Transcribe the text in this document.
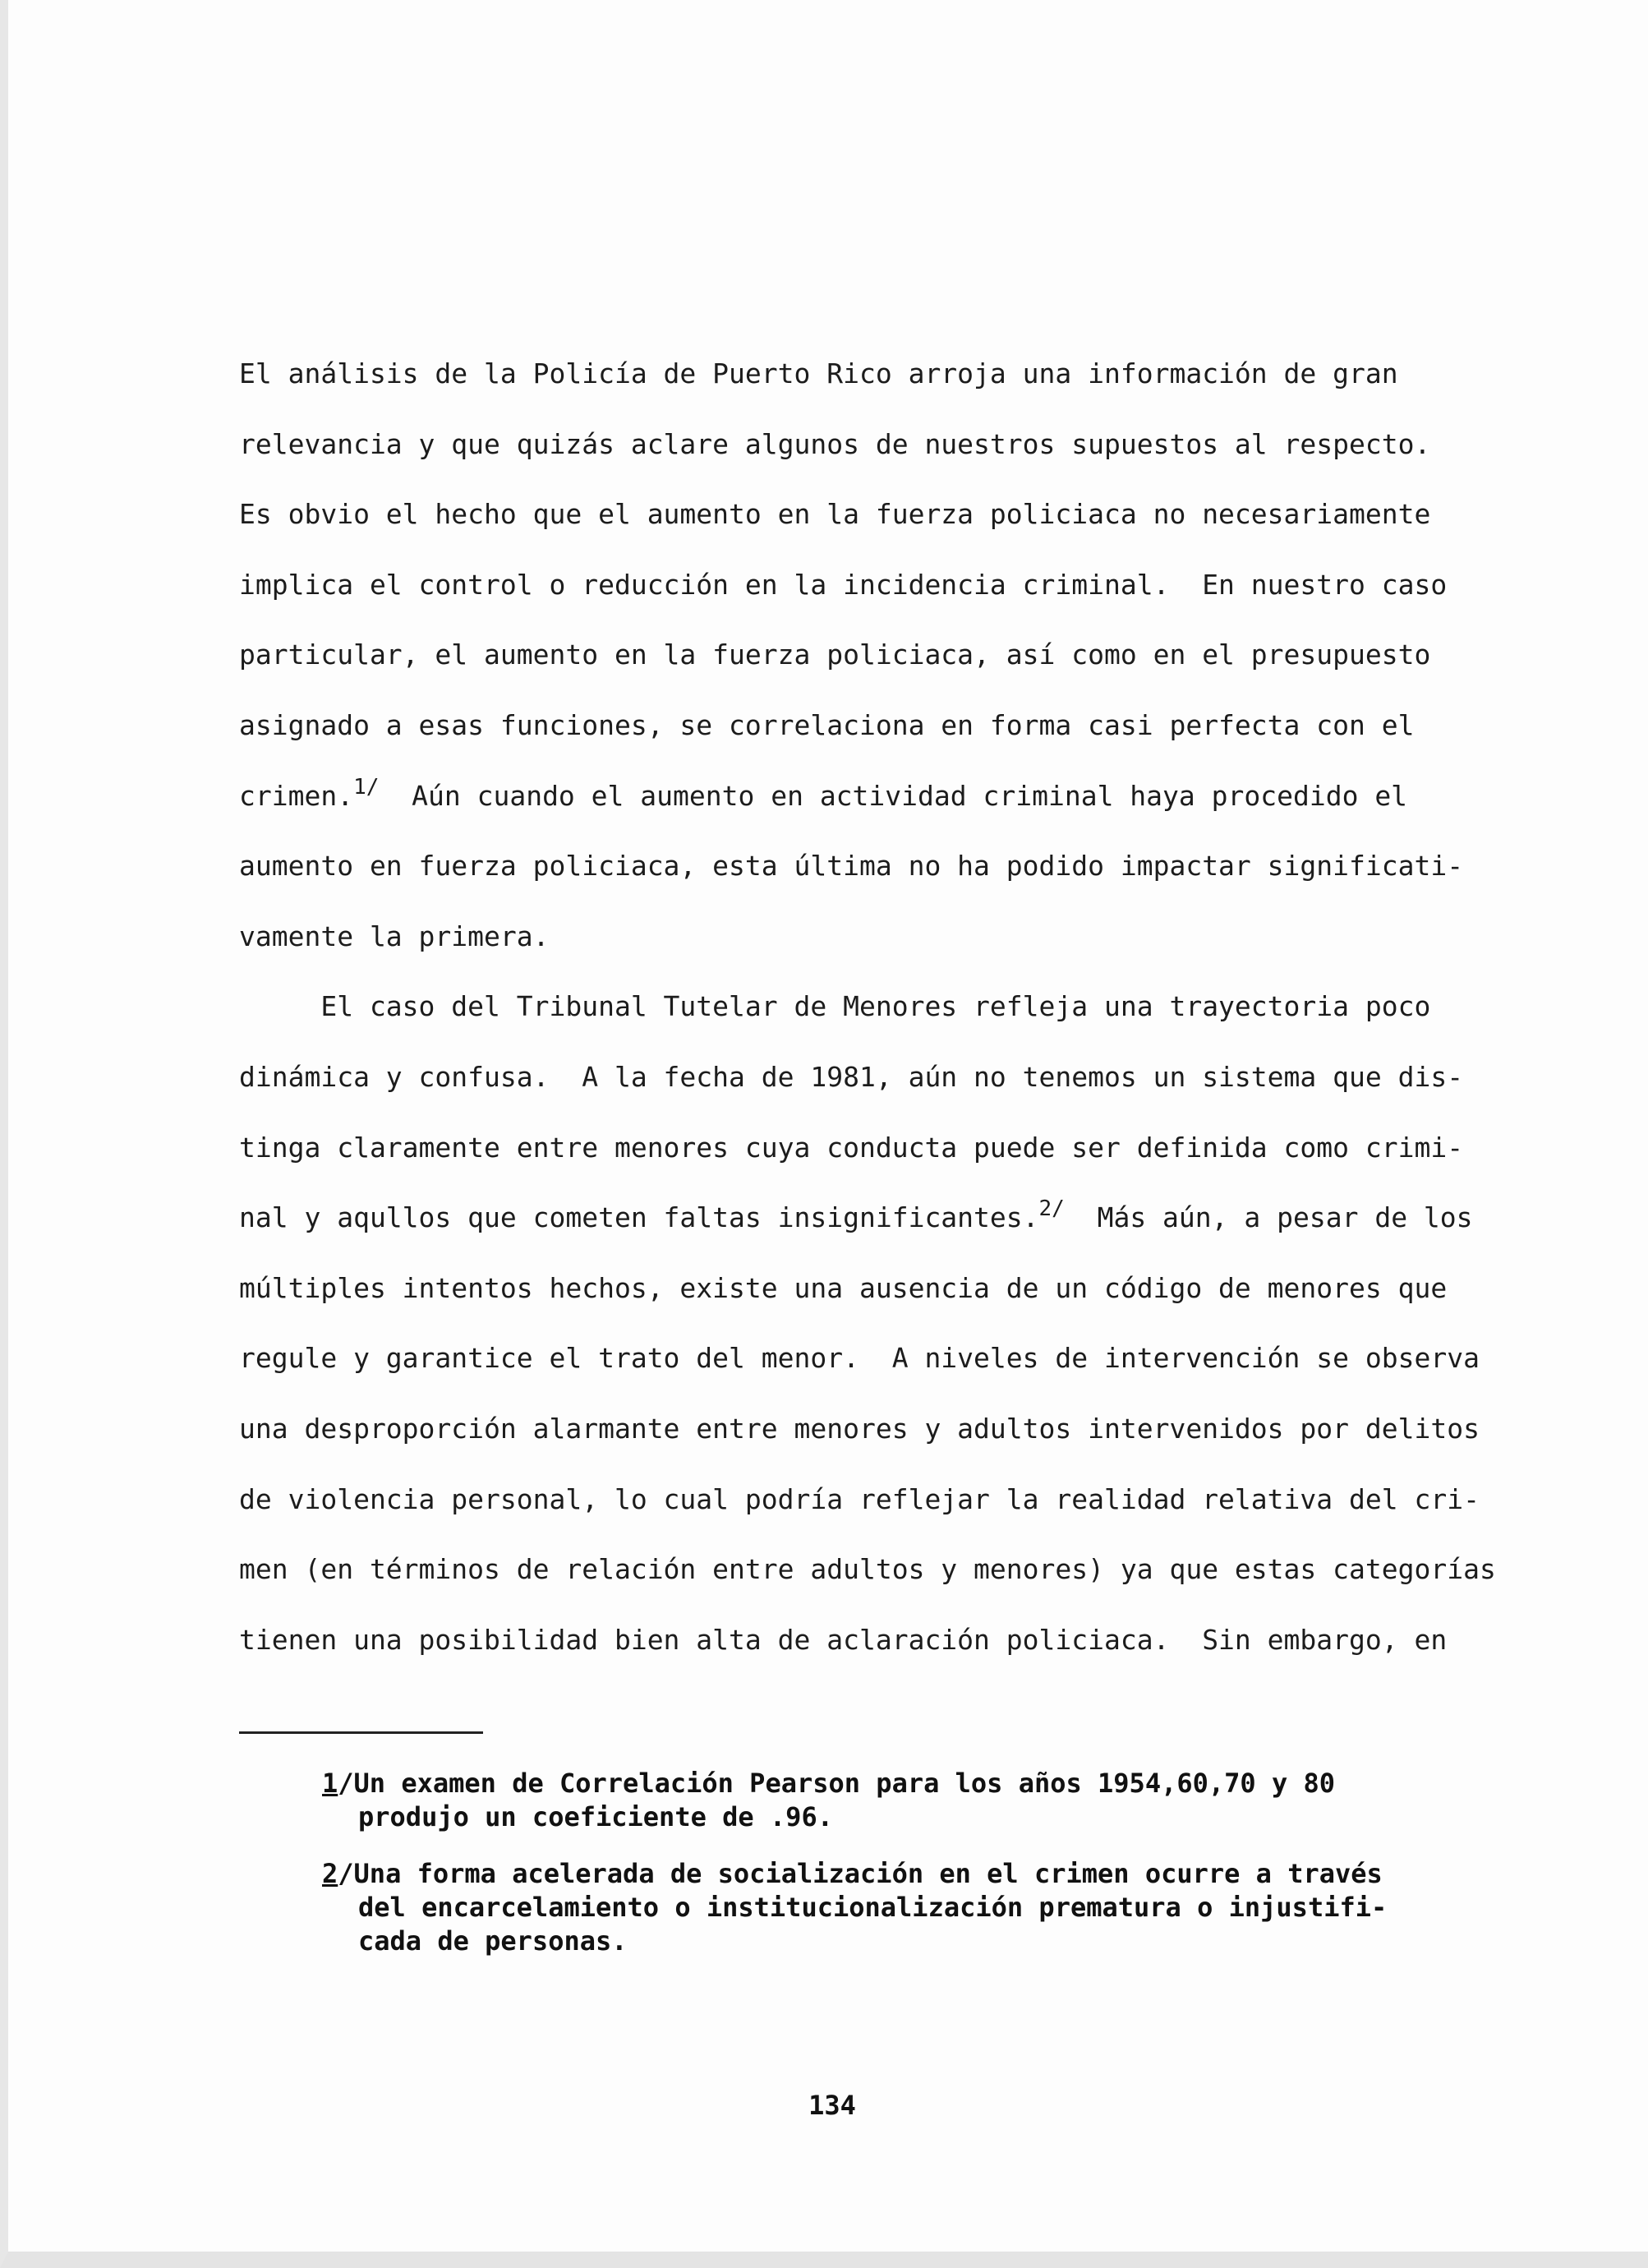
El análisis de la Policía de Puerto Rico arroja una información de gran
relevancia y que quizás aclare algunos de nuestros supuestos al respecto.
Es obvio el hecho que el aumento en la fuerza policiaca no necesariamente
implica el control o reducción en la incidencia criminal.  En nuestro caso
particular, el aumento en la fuerza policiaca, así como en el presupuesto
asignado a esas funciones, se correlaciona en forma casi perfecta con el
crimen.$^{1/}$  Aún cuando el aumento en actividad criminal haya procedido el
aumento en fuerza policiaca, esta última no ha podido impactar significati-
vamente la primera.
El caso del Tribunal Tutelar de Menores refleja una trayectoria poco
dinámica y confusa.  A la fecha de 1981, aún no tenemos un sistema que dis-
tinga claramente entre menores cuya conducta puede ser definida como crimi-
nal y aqullos que cometen faltas insignificantes.$^{2/}$  Más aún, a pesar de los
múltiples intentos hechos, existe una ausencia de un código de menores que
regule y garantice el trato del menor.  A niveles de intervención se observa
una desproporción alarmante entre menores y adultos intervenidos por delitos
de violencia personal, lo cual podría reflejar la realidad relativa del cri-
men (en términos de relación entre adultos y menores) ya que estas categorías
tienen una posibilidad bien alta de aclaración policiaca.  Sin embargo, en
1/Un examen de Correlación Pearson para los años 1954,60,70 y 80
produjo un coeficiente de .96.
2/Una forma acelerada de socialización en el crimen ocurre a través
del encarcelamiento o institucionalización prematura o injustifi-
cada de personas.
134
